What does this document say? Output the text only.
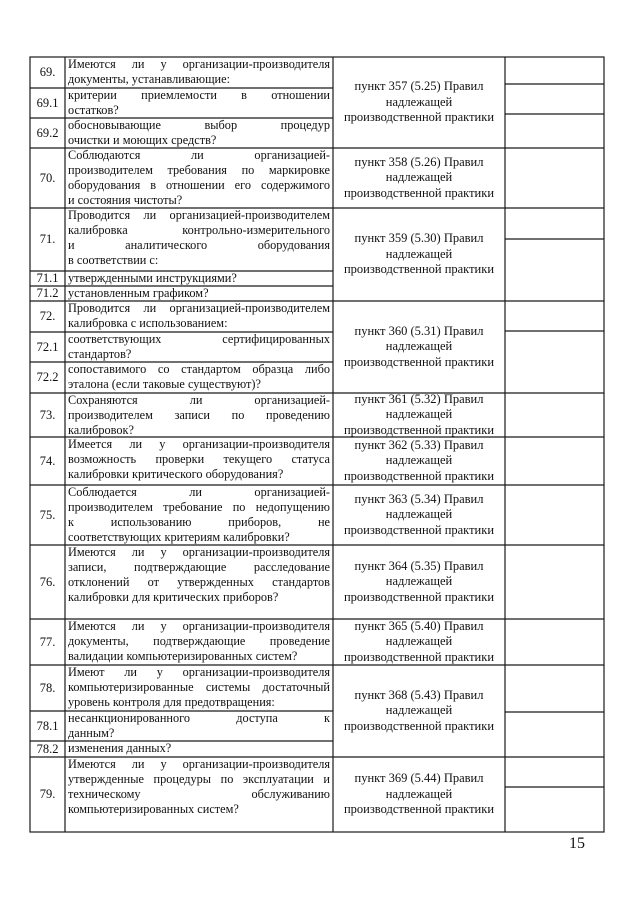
69.
69.1
69.2
70.
71.
71.1
71.2
72.
72.1
72.2
73.
74.
75.
76.
77.
78.
78.1
78.2
79.
Имеются ли у организации-производителя
документы, устанавливающие:
критерии приемлемости в отношении
остатков?
обосновывающие выбор процедур
очистки и моющих средств?
Соблюдаются ли организацией-
производителем требования по маркировке
оборудования в отношении его содержимого
и состояния чистоты?
Проводится ли организацией-производителем
калибровка контрольно-измерительного
и аналитического оборудования
в соответствии с:
утвержденными инструкциями?
установленным графиком?
Проводится ли организацией-производителем
калибровка с использованием:
соответствующих сертифицированных
стандартов?
сопоставимого со стандартом образца либо
эталона (если таковые существуют)?
Сохраняются ли организацией-
производителем записи по проведению
калибровок?
Имеется ли у организации-производителя
возможность проверки текущего статуса
калибровки критического оборудования?
Соблюдается ли организацией-
производителем требование по недопущению
к использованию приборов, не
соответствующих критериям калибровки?
Имеются ли у организации-производителя
записи, подтверждающие расследование
отклонений от утвержденных стандартов
калибровки для критических приборов?
Имеются ли у организации-производителя
документы, подтверждающие проведение
валидации компьютеризированных систем?
Имеют ли у организации-производителя
компьютеризированные системы достаточный
уровень контроля для предотвращения:
несанкционированного доступа к
данным?
изменения данных?
Имеются ли у организации-производителя
утвержденные процедуры по эксплуатации и
техническому обслуживанию
компьютеризированных систем?
пункт 357 (5.25) Правил
надлежащей
производственной практики
пункт 358 (5.26) Правил
надлежащей
производственной практики
пункт 359 (5.30) Правил
надлежащей
производственной практики
пункт 360 (5.31) Правил
надлежащей
производственной практики
пункт 361 (5.32) Правил
надлежащей
производственной практики
пункт 362 (5.33) Правил
надлежащей
производственной практики
пункт 363 (5.34) Правил
надлежащей
производственной практики
пункт 364 (5.35) Правил
надлежащей
производственной практики
пункт 365 (5.40) Правил
надлежащей
производственной практики
пункт 368 (5.43) Правил
надлежащей
производственной практики
пункт 369 (5.44) Правил
надлежащей
производственной практики
15
